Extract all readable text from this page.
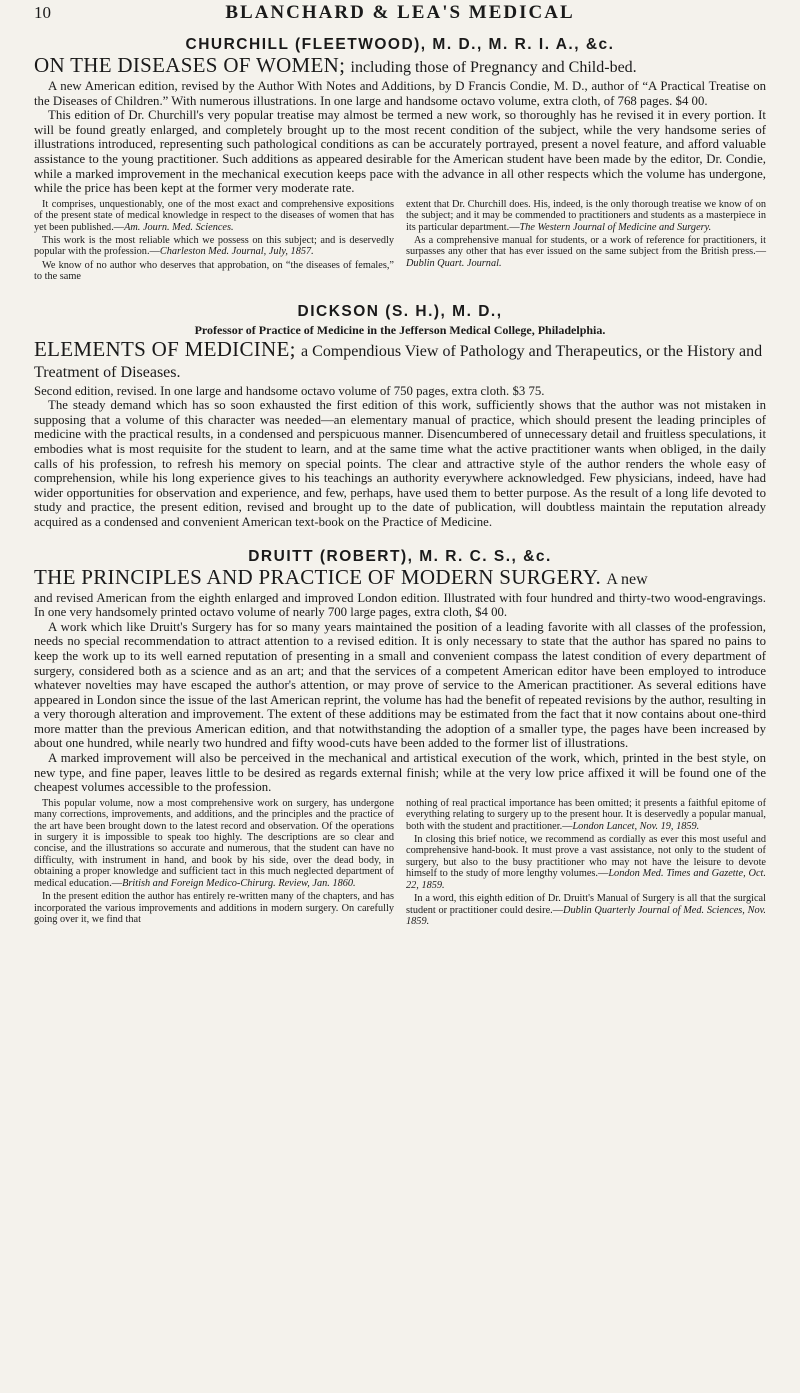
10	BLANCHARD & LEA'S MEDICAL
CHURCHILL (FLEETWOOD), M. D., M. R. I. A., &c.
ON THE DISEASES OF WOMEN; including those of Pregnancy and Child-bed.

A new American edition, revised by the Author With Notes and Additions, by D Francis Condie, M. D., author of “A Practical Treatise on the Diseases of Children.” With numerous illustrations. In one large and handsome octavo volume, extra cloth, of 768 pages. $4 00.

This edition of Dr. Churchill's very popular treatise may almost be termed a new work, so thoroughly has he revised it in every portion. It will be found greatly enlarged, and completely brought up to the most recent condition of the subject, while the very handsome series of illustrations introduced, representing such pathological conditions as can be accurately portrayed, present a novel feature, and afford valuable assistance to the young practitioner. Such additions as appeared desirable for the American student have been made by the editor, Dr. Condie, while a marked improvement in the mechanical execution keeps pace with the advance in all other respects which the volume has undergone, while the price has been kept at the former very moderate rate.

It comprises, unquestionably, one of the most exact and comprehensive expositions of the present state of medical knowledge in respect to the diseases of women that has yet been published.—Am. Journ. Med. Sciences.

This work is the most reliable which we possess on this subject; and is deservedly popular with the profession.—Charleston Med. Journal, July, 1857.

We know of no author who deserves that approbation, on “the diseases of females,” to the same

extent that Dr. Churchill does. His, indeed, is the only thorough treatise we know of on the subject; and it may be commended to practitioners and students as a masterpiece in its particular department.—The Western Journal of Medicine and Surgery.

As a comprehensive manual for students, or a work of reference for practitioners, it surpasses any other that has ever issued on the same subject from the British press.—Dublin Quart. Journal.

DICKSON (S. H.), M. D.,
Professor of Practice of Medicine in the Jefferson Medical College, Philadelphia.
ELEMENTS OF MEDICINE; a Compendious View of Pathology and Therapeutics, or the History and Treatment of Diseases.

Second edition, revised. In one large and handsome octavo volume of 750 pages, extra cloth. $3 75.

The steady demand which has so soon exhausted the first edition of this work, sufficiently shows that the author was not mistaken in supposing that a volume of this character was needed—an elementary manual of practice, which should present the leading principles of medicine with the practical results, in a condensed and perspicuous manner. Disencumbered of unnecessary detail and fruitless speculations, it embodies what is most requisite for the student to learn, and at the same time what the active practitioner wants when obliged, in the daily calls of his profession, to refresh his memory on special points. The clear and attractive style of the author renders the whole easy of comprehension, while his long experience gives to his teachings an authority everywhere acknowledged. Few physicians, indeed, have had wider opportunities for observation and experience, and few, perhaps, have used them to better purpose. As the result of a long life devoted to study and practice, the present edition, revised and brought up to the date of publication, will doubtless maintain the reputation already acquired as a condensed and convenient American text-book on the Practice of Medicine.

DRUITT (ROBERT), M. R. C. S., &c.
THE PRINCIPLES AND PRACTICE OF MODERN SURGERY. A new

and revised American from the eighth enlarged and improved London edition. Illustrated with four hundred and thirty-two wood-engravings. In one very handsomely printed octavo volume of nearly 700 large pages, extra cloth, $4 00.

A work which like Druitt's Surgery has for so many years maintained the position of a leading favorite with all classes of the profession, needs no special recommendation to attract attention to a revised edition. It is only necessary to state that the author has spared no pains to keep the work up to its well earned reputation of presenting in a small and convenient compass the latest condition of every department of surgery, considered both as a science and as an art; and that the services of a competent American editor have been employed to introduce whatever novelties may have escaped the author's attention, or may prove of service to the American practitioner. As several editions have appeared in London since the issue of the last American reprint, the volume has had the benefit of repeated revisions by the author, resulting in a very thorough alteration and improvement. The extent of these additions may be estimated from the fact that it now contains about one-third more matter than the previous American edition, and that notwithstanding the adoption of a smaller type, the pages have been increased by about one hundred, while nearly two hundred and fifty wood-cuts have been added to the former list of illustrations.

A marked improvement will also be perceived in the mechanical and artistical execution of the work, which, printed in the best style, on new type, and fine paper, leaves little to be desired as regards external finish; while at the very low price affixed it will be found one of the cheapest volumes accessible to the profession.

This popular volume, now a most comprehensive work on surgery, has undergone many corrections, improvements, and additions, and the principles and the practice of the art have been brought down to the latest record and observation. Of the operations in surgery it is impossible to speak too highly. The descriptions are so clear and concise, and the illustrations so accurate and numerous, that the student can have no difficulty, with instrument in hand, and book by his side, over the dead body, in obtaining a proper knowledge and sufficient tact in this much neglected department of medical education.—British and Foreign Medico-Chirurg. Review, Jan. 1860.

In the present edition the author has entirely re-written many of the chapters, and has incorporated the various improvements and additions in modern surgery. On carefully going over it, we find that

nothing of real practical importance has been omitted; it presents a faithful epitome of everything relating to surgery up to the present hour. It is deservedly a popular manual, both with the student and practitioner.—London Lancet, Nov. 19, 1859.

In closing this brief notice, we recommend as cordially as ever this most useful and comprehensive hand-book. It must prove a vast assistance, not only to the student of surgery, but also to the busy practitioner who may not have the leisure to devote himself to the study of more lengthy volumes.—London Med. Times and Gazette, Oct. 22, 1859.

In a word, this eighth edition of Dr. Druitt's Manual of Surgery is all that the surgical student or practitioner could desire.—Dublin Quarterly Journal of Med. Sciences, Nov. 1859.
